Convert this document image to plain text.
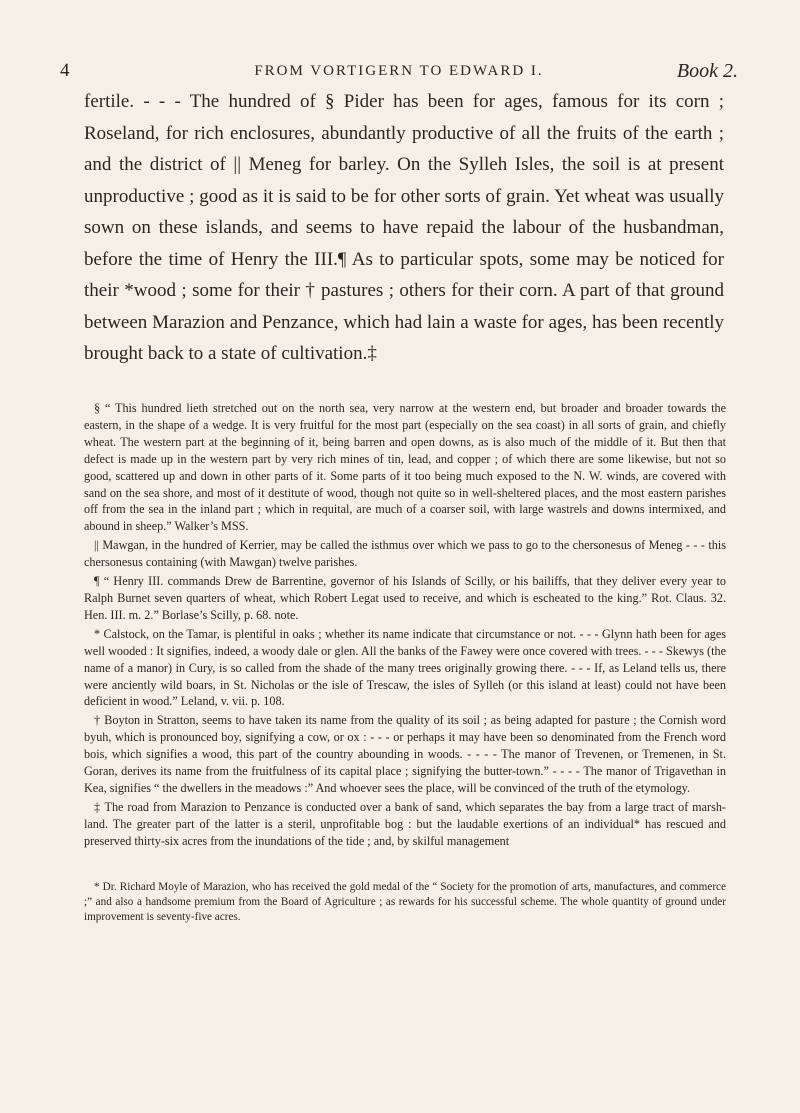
4	FROM VORTIGERN TO EDWARD I.	Book 2.

fertile. - - - The hundred of § Pider has been for ages, famous for its corn ; Roseland, for rich enclosures, abundantly productive of all the fruits of the earth ; and the district of || Meneg for barley. On the Sylleh Isles, the soil is at present unproductive ; good as it is said to be for other sorts of grain. Yet wheat was usually sown on these islands, and seems to have repaid the labour of the husbandman, before the time of Henry the III.¶ As to particular spots, some may be noticed for their *wood ; some for their † pastures ; others for their corn. A part of that ground between Marazion and Penzance, which had lain a waste for ages, has been recently brought back to a state of cultivation.‡

§ “ This hundred lieth stretched out on the north sea, very narrow at the western end, but broader and broader towards the eastern, in the shape of a wedge. It is very fruitful for the most part (especially on the sea coast) in all sorts of grain, and chiefly wheat. The western part at the beginning of it, being barren and open downs, as is also much of the middle of it. But then that defect is made up in the western part by very rich mines of tin, lead, and copper ; of which there are some likewise, but not so good, scattered up and down in other parts of it. Some parts of it too being much exposed to the N. W. winds, are covered with sand on the sea shore, and most of it destitute of wood, though not quite so in well-sheltered places, and the most eastern parishes off from the sea in the inland part ; which in requital, are much of a coarser soil, with large wastrels and downs intermixed, and abound in sheep.” Walker’s MSS.

|| Mawgan, in the hundred of Kerrier, may be called the isthmus over which we pass to go to the chersonesus of Meneg - - - this chersonesus containing (with Mawgan) twelve parishes.

¶ “ Henry III. commands Drew de Barrentine, governor of his Islands of Scilly, or his bailiffs, that they deliver every year to Ralph Burnet seven quarters of wheat, which Robert Legat used to receive, and which is escheated to the king.” Rot. Claus. 32. Hen. III. m. 2.” Borlase’s Scilly, p. 68. note.

* Calstock, on the Tamar, is plentiful in oaks ; whether its name indicate that circumstance or not. - - - Glynn hath been for ages well wooded : It signifies, indeed, a woody dale or glen. All the banks of the Fawey were once covered with trees. - - - Skewys (the name of a manor) in Cury, is so called from the shade of the many trees originally growing there. - - - If, as Leland tells us, there were anciently wild boars, in St. Nicholas or the isle of Trescaw, the isles of Sylleh (or this island at least) could not have been deficient in wood.” Leland, v. vii. p. 108.

† Boyton in Stratton, seems to have taken its name from the quality of its soil ; as being adapted for pasture ; the Cornish word byuh, which is pronounced boy, signifying a cow, or ox : - - - or perhaps it may have been so denominated from the French word bois, which signifies a wood, this part of the country abounding in woods. - - - - The manor of Trevenen, or Tremenen, in St. Goran, derives its name from the fruitfulness of its capital place ; signifying the butter-town.” - - - - The manor of Trigavethan in Kea, signifies “ the dwellers in the meadows :” And whoever sees the place, will be convinced of the truth of the etymology.

‡ The road from Marazion to Penzance is conducted over a bank of sand, which separates the bay from a large tract of marsh-land. The greater part of the latter is a steril, unprofitable bog : but the laudable exertions of an individual* has rescued and preserved thirty-six acres from the inundations of the tide ; and, by skilful management

* Dr. Richard Moyle of Marazion, who has received the gold medal of the “ Society for the promotion of arts, manufactures, and commerce ;” and also a handsome premium from the Board of Agriculture ; as rewards for his successful scheme. The whole quantity of ground under improvement is seventy-five acres.
